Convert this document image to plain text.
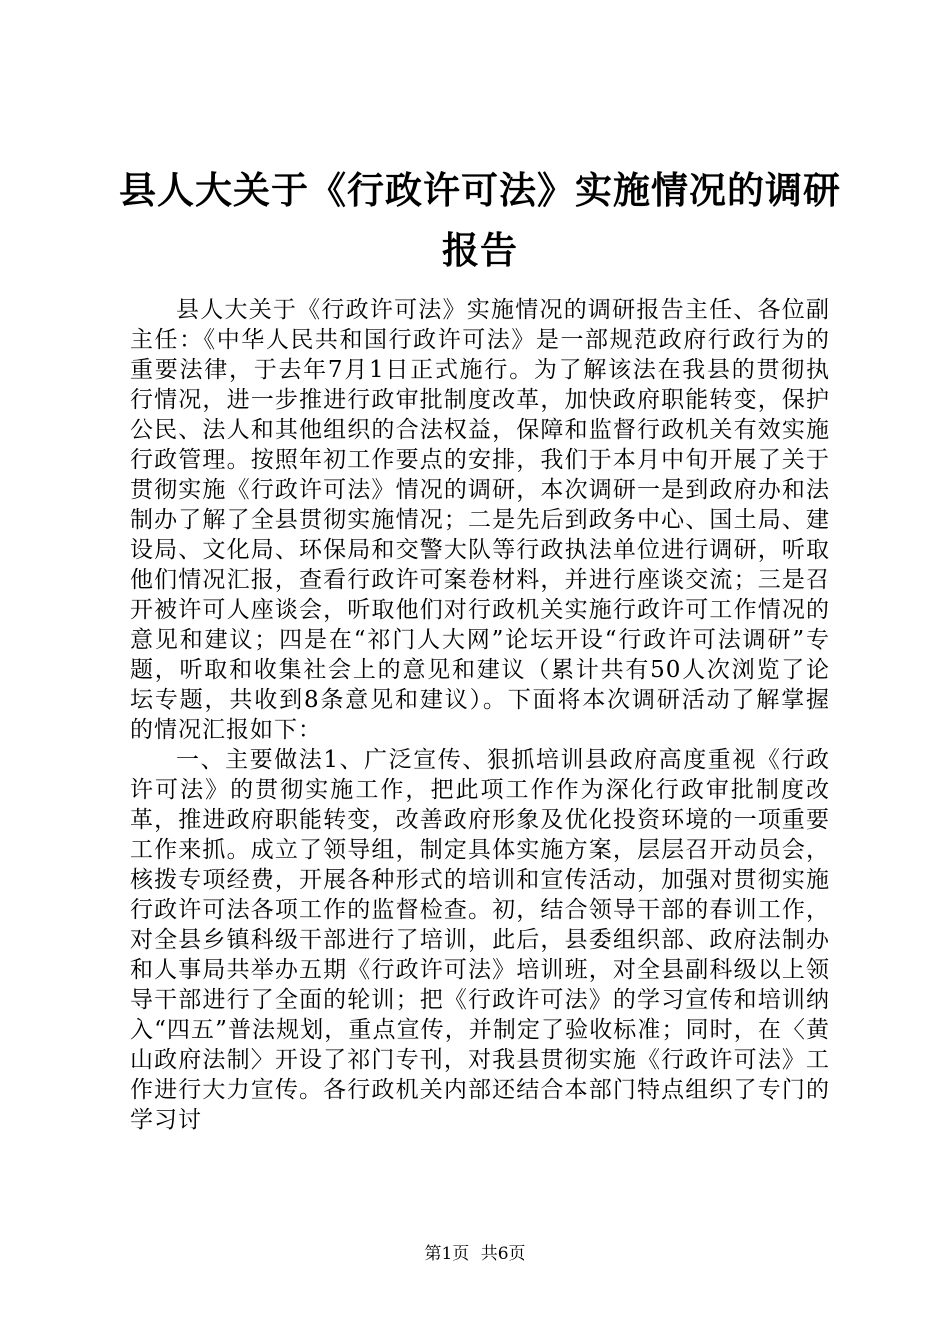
县人大关于《行政许可法》实施情况的调研报告

县人大关于《行政许可法》实施情况的调研报告主任、各位副主任：《中华人民共和国行政许可法》是一部规范政府行政行为的重要法律，于去年7月1日正式施行。为了解该法在我县的贯彻执行情况，进一步推进行政审批制度改革，加快政府职能转变，保护公民、法人和其他组织的合法权益，保障和监督行政机关有效实施行政管理。按照年初工作要点的安排，我们于本月中旬开展了关于贯彻实施《行政许可法》情况的调研，本次调研一是到政府办和法制办了解了全县贯彻实施情况；二是先后到政务中心、国土局、建设局、文化局、环保局和交警大队等行政执法单位进行调研，听取他们情况汇报，查看行政许可案卷材料，并进行座谈交流；三是召开被许可人座谈会，听取他们对行政机关实施行政许可工作情况的意见和建议；四是在“祁门人大网”论坛开设“行政许可法调研”专题，听取和收集社会上的意见和建议（累计共有50人次浏览了论坛专题，共收到8条意见和建议）。下面将本次调研活动了解掌握的情况汇报如下：

一、主要做法1、广泛宣传、狠抓培训县政府高度重视《行政许可法》的贯彻实施工作，把此项工作作为深化行政审批制度改革，推进政府职能转变，改善政府形象及优化投资环境的一项重要工作来抓。成立了领导组，制定具体实施方案，层层召开动员会，核拨专项经费，开展各种形式的培训和宣传活动，加强对贯彻实施行政许可法各项工作的监督检查。初，结合领导干部的春训工作，对全县乡镇科级干部进行了培训，此后，县委组织部、政府法制办和人事局共举办五期《行政许可法》培训班，对全县副科级以上领导干部进行了全面的轮训；把《行政许可法》的学习宣传和培训纳入“四五”普法规划，重点宣传，并制定了验收标准；同时，在〈黄山政府法制〉开设了祁门专刊，对我县贯彻实施《行政许可法》工作进行大力宣传。各行政机关内部还结合本部门特点组织了专门的学习讨

第1页 共6页
